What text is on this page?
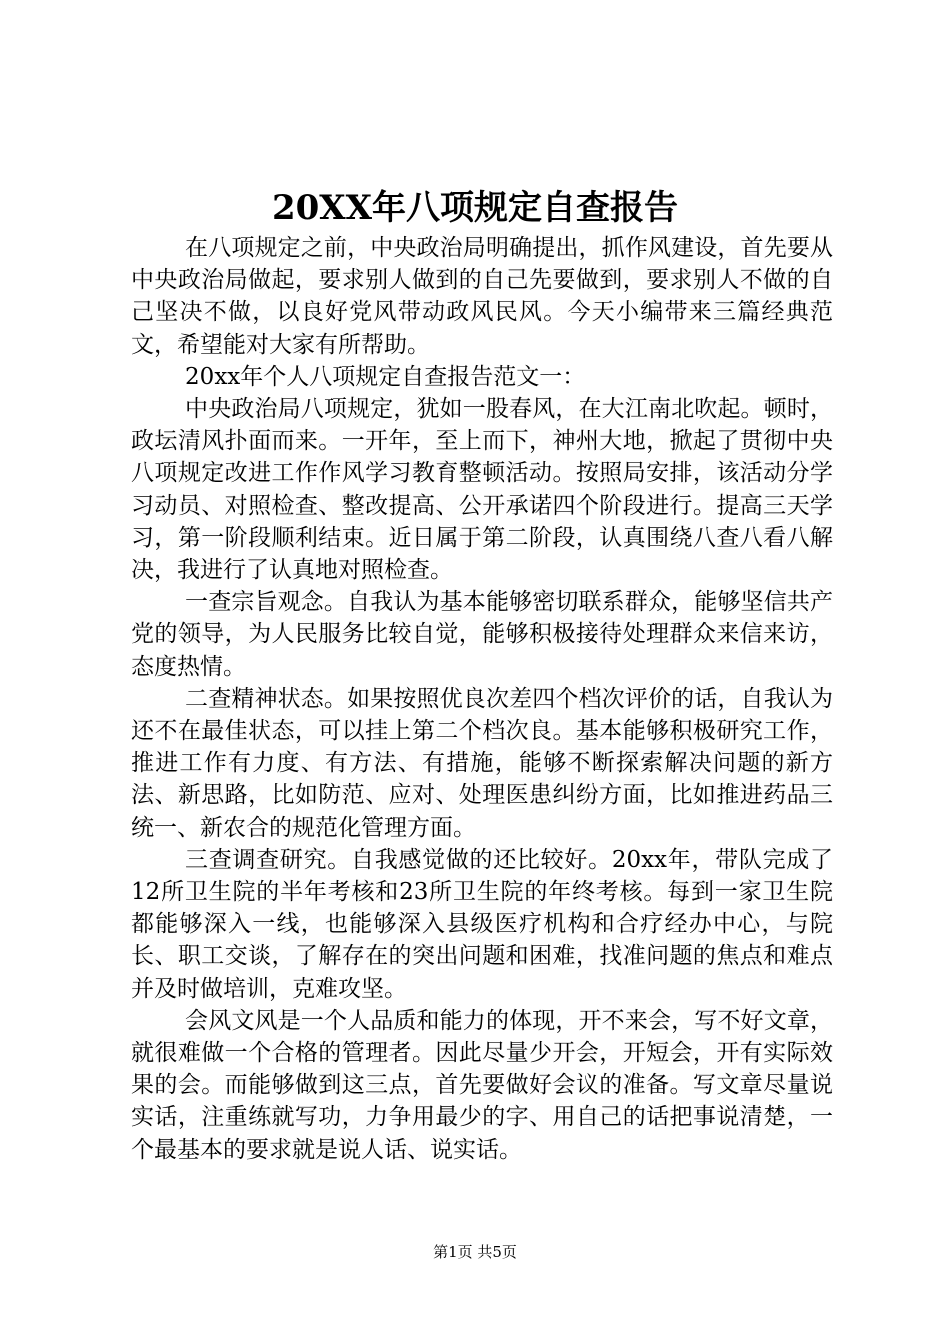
20XX年八项规定自查报告

在八项规定之前，中央政治局明确提出，抓作风建设，首先要从中央政治局做起，要求别人做到的自己先要做到，要求别人不做的自己坚决不做，以良好党风带动政风民风。今天小编带来三篇经典范文，希望能对大家有所帮助。

20xx年个人八项规定自查报告范文一：

中央政治局八项规定，犹如一股春风，在大江南北吹起。顿时，政坛清风扑面而来。一开年，至上而下，神州大地，掀起了贯彻中央八项规定改进工作作风学习教育整顿活动。按照局安排，该活动分学习动员、对照检查、整改提高、公开承诺四个阶段进行。提高三天学习，第一阶段顺利结束。近日属于第二阶段，认真围绕八查八看八解决，我进行了认真地对照检查。

一查宗旨观念。自我认为基本能够密切联系群众，能够坚信共产党的领导，为人民服务比较自觉，能够积极接待处理群众来信来访，态度热情。

二查精神状态。如果按照优良次差四个档次评价的话，自我认为还不在最佳状态，可以挂上第二个档次良。基本能够积极研究工作，推进工作有力度、有方法、有措施，能够不断探索解决问题的新方法、新思路，比如防范、应对、处理医患纠纷方面，比如推进药品三统一、新农合的规范化管理方面。

三查调查研究。自我感觉做的还比较好。20xx年，带队完成了12所卫生院的半年考核和23所卫生院的年终考核。每到一家卫生院都能够深入一线，也能够深入县级医疗机构和合疗经办中心，与院长、职工交谈，了解存在的突出问题和困难，找准问题的焦点和难点并及时做培训，克难攻坚。

会风文风是一个人品质和能力的体现，开不来会，写不好文章，就很难做一个合格的管理者。因此尽量少开会，开短会，开有实际效果的会。而能够做到这三点，首先要做好会议的准备。写文章尽量说实话，注重练就写功，力争用最少的字、用自己的话把事说清楚，一个最基本的要求就是说人话、说实话。

第1页 共5页
